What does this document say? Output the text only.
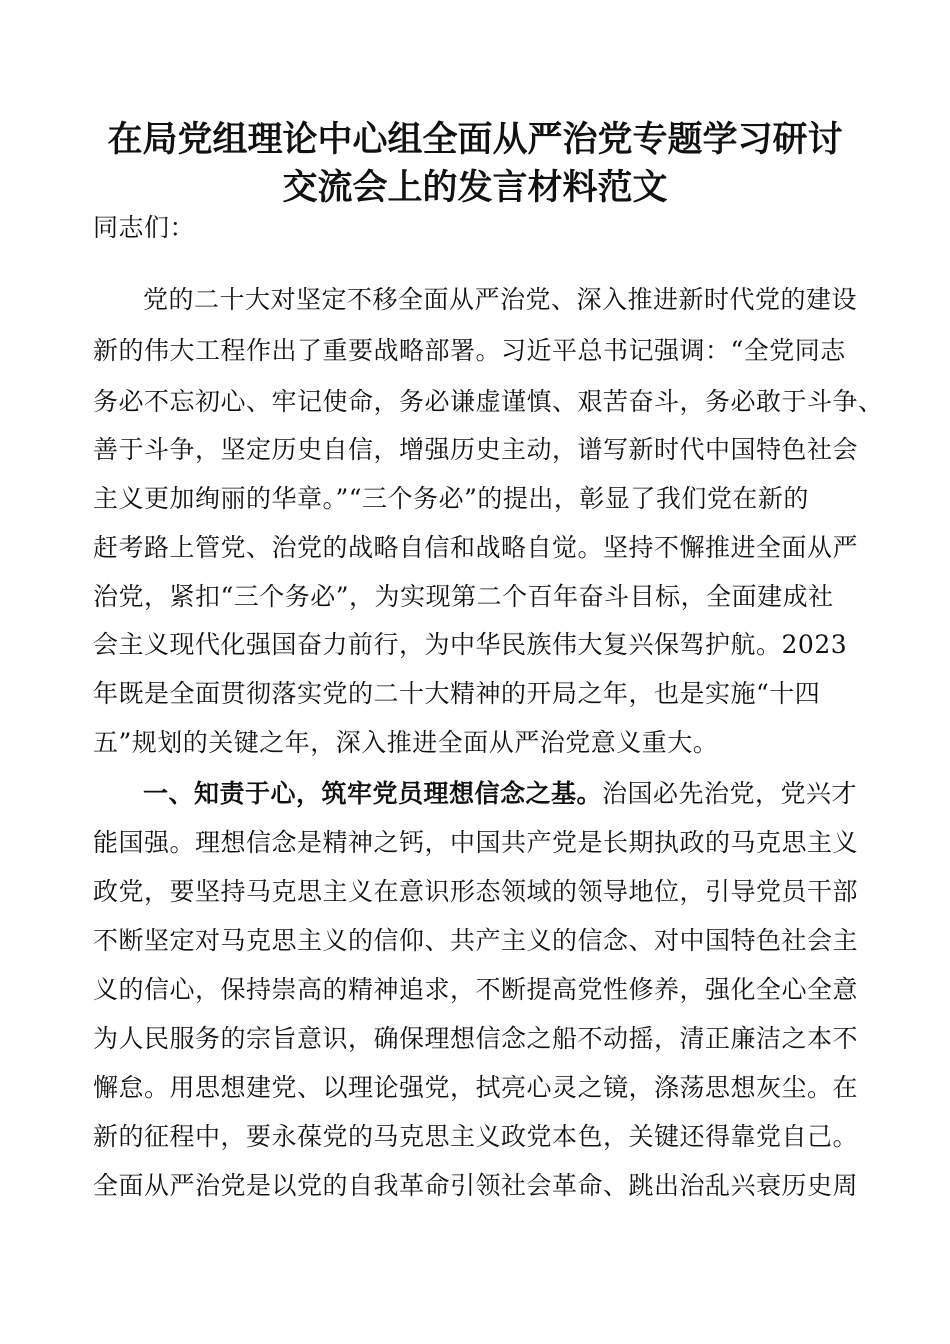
在局党组理论中心组全面从严治党专题学习研讨
交流会上的发言材料范文

同志们：

党的二十大对坚定不移全面从严治党、深入推进新时代党的建设

新的伟大工程作出了重要战略部署。习近平总书记强调：“全党同志

务必不忘初心、牢记使命，务必谦虚谨慎、艰苦奋斗，务必敢于斗争、

善于斗争，坚定历史自信，增强历史主动，谱写新时代中国特色社会

主义更加绚丽的华章。”“三个务必”的提出，彰显了我们党在新的

赶考路上管党、治党的战略自信和战略自觉。坚持不懈推进全面从严

治党，紧扣“三个务必”，为实现第二个百年奋斗目标，全面建成社

会主义现代化强国奋力前行，为中华民族伟大复兴保驾护航。2023

年既是全面贯彻落实党的二十大精神的开局之年，也是实施“十四

五”规划的关键之年，深入推进全面从严治党意义重大。

一、知责于心，筑牢党员理想信念之基。治国必先治党，党兴才

能国强。理想信念是精神之钙，中国共产党是长期执政的马克思主义

政党，要坚持马克思主义在意识形态领域的领导地位，引导党员干部

不断坚定对马克思主义的信仰、共产主义的信念、对中国特色社会主

义的信心，保持崇高的精神追求，不断提高党性修养，强化全心全意

为人民服务的宗旨意识，确保理想信念之船不动摇，清正廉洁之本不

懈怠。用思想建党、以理论强党，拭亮心灵之镜，涤荡思想灰尘。在

新的征程中，要永葆党的马克思主义政党本色，关键还得靠党自己。

全面从严治党是以党的自我革命引领社会革命、跳出治乱兴衰历史周
